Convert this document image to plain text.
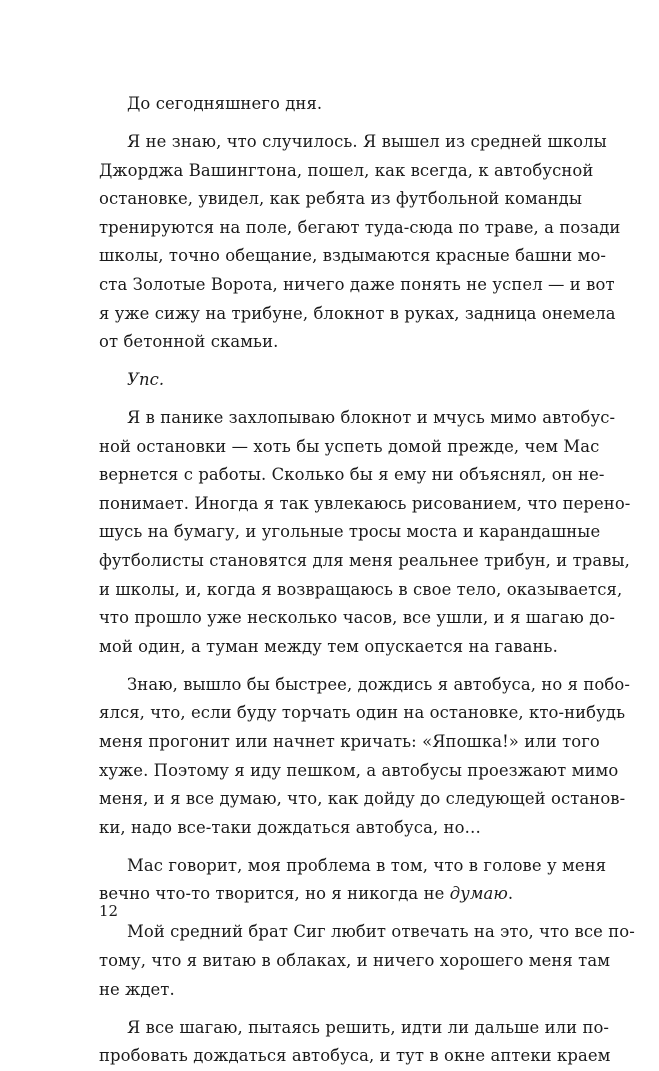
До сегодняшнего дня.
Я не знаю, что случилось. Я вышел из средней школы
Джорджа Вашингтона, пошел, как всегда, к автобусной
остановке, увидел, как ребята из футбольной команды
тренируются на поле, бегают туда-сюда по траве, а позади
школы, точно обещание, вздымаются красные башни мо-
ста Золотые Ворота, ничего даже понять не успел — и вот
я уже сижу на трибуне, блокнот в руках, задница онемела
от бетонной скамьи.
Упс.
Я в панике захлопываю блокнот и мчусь мимо автобус-
ной остановки — хоть бы успеть домой прежде, чем Мас
вернется с работы. Сколько бы я ему ни объяснял, он не-
понимает. Иногда я так увлекаюсь рисованием, что перено-
шусь на бумагу, и угольные тросы моста и карандашные
футболисты становятся для меня реальнее трибун, и травы,
и школы, и, когда я возвращаюсь в свое тело, оказывается,
что прошло уже несколько часов, все ушли, и я шагаю до-
мой один, а туман между тем опускается на гавань.
Знаю, вышло бы быстрее, дождись я автобуса, но я побо-
ялся, что, если буду торчать один на остановке, кто-нибудь
меня прогонит или начнет кричать: «Япошка!» или того
хуже. Поэтому я иду пешком, а автобусы проезжают мимо
меня, и я все думаю, что, как дойду до следующей останов-
ки, надо все-таки дождаться автобуса, но…
Мас говорит, моя проблема в том, что в голове у меня
вечно что-то творится, но я никогда не думаю.
Мой средний брат Сиг любит отвечать на это, что все по-
тому, что я витаю в облаках, и ничего хорошего меня там
не ждет.
Я все шагаю, пытаясь решить, идти ли дальше или по-
пробовать дождаться автобуса, и тут в окне аптеки краем
12
